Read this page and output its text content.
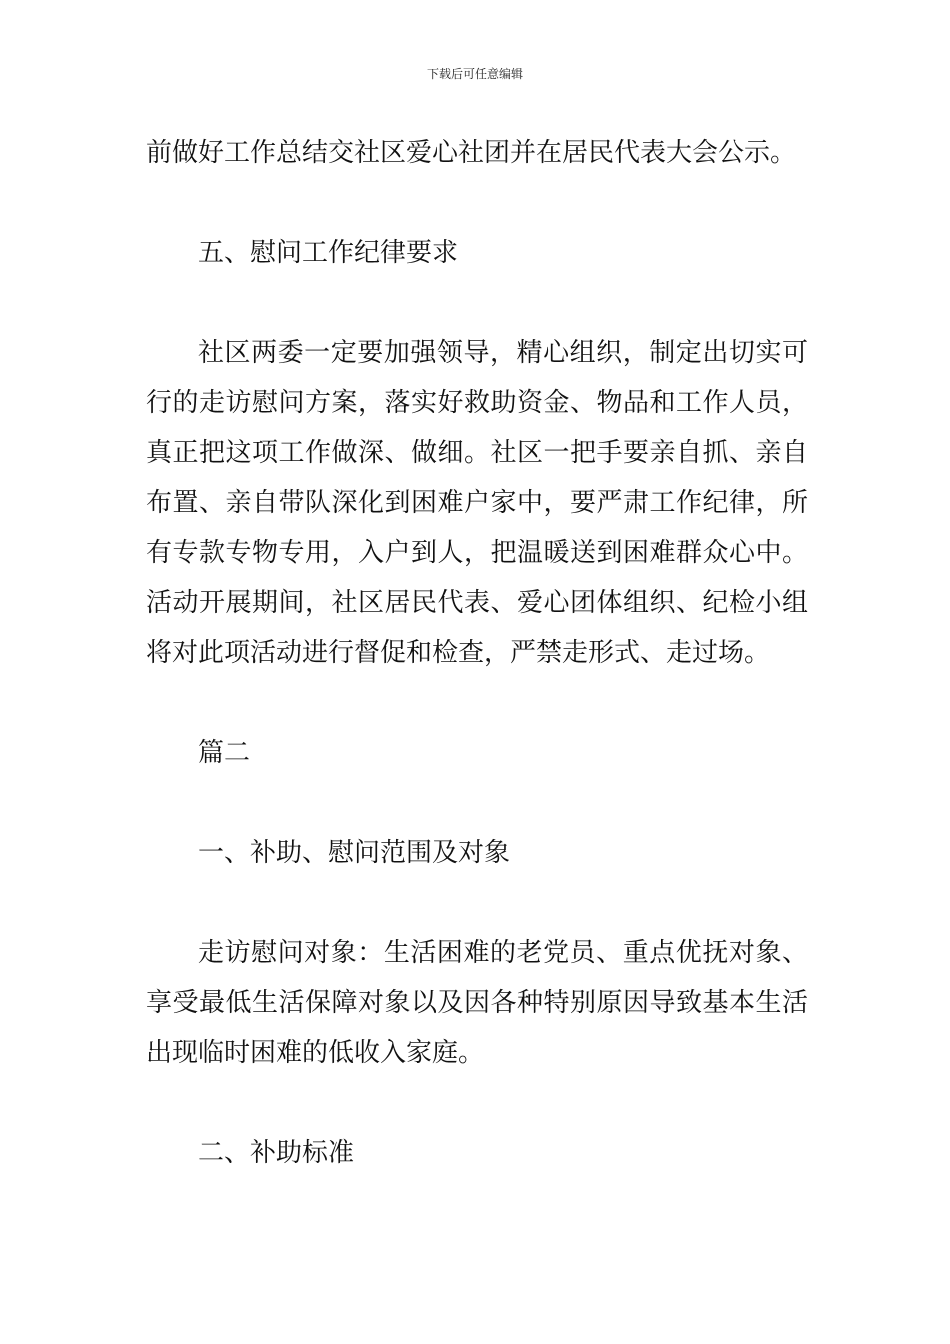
下载后可任意编辑

前做好工作总结交社区爱心社团并在居民代表大会公示。

五、慰问工作纪律要求

社区两委一定要加强领导，精心组织，制定出切实可行的走访慰问方案，落实好救助资金、物品和工作人员，真正把这项工作做深、做细。社区一把手要亲自抓、亲自布置、亲自带队深化到困难户家中，要严肃工作纪律，所有专款专物专用，入户到人，把温暖送到困难群众心中。活动开展期间，社区居民代表、爱心团体组织、纪检小组将对此项活动进行督促和检查，严禁走形式、走过场。

篇二

一、补助、慰问范围及对象

走访慰问对象：生活困难的老党员、重点优抚对象、享受最低生活保障对象以及因各种特别原因导致基本生活出现临时困难的低收入家庭。

二、补助标准
